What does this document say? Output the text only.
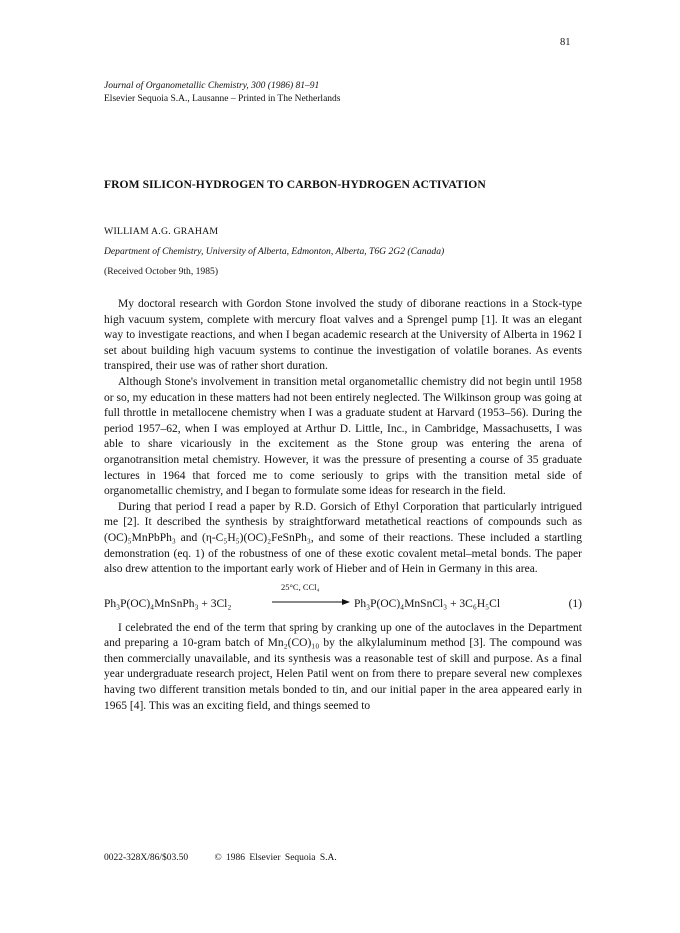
81
Journal of Organometallic Chemistry, 300 (1986) 81–91
Elsevier Sequoia S.A., Lausanne – Printed in The Netherlands
FROM SILICON-HYDROGEN TO CARBON-HYDROGEN ACTIVATION
WILLIAM A.G. GRAHAM
Department of Chemistry, University of Alberta, Edmonton, Alberta, T6G 2G2 (Canada)
(Received October 9th, 1985)

My doctoral research with Gordon Stone involved the study of diborane reactions in a Stock-type high vacuum system, complete with mercury float valves and a Sprengel pump [1]. It was an elegant way to investigate reactions, and when I began academic research at the University of Alberta in 1962 I set about building high vacuum systems to continue the investigation of volatile boranes. As events transpired, their use was of rather short duration.

Although Stone's involvement in transition metal organometallic chemistry did not begin until 1958 or so, my education in these matters had not been entirely neglected. The Wilkinson group was going at full throttle in metallocene chemistry when I was a graduate student at Harvard (1953–56). During the period 1957–62, when I was employed at Arthur D. Little, Inc., in Cambridge, Massachusetts, I was able to share vicariously in the excitement as the Stone group was entering the arena of organotransition metal chemistry. However, it was the pressure of presenting a course of 35 graduate lectures in 1964 that forced me to come seriously to grips with the transition metal side of organometallic chemistry, and I began to formulate some ideas for research in the field.

During that period I read a paper by R.D. Gorsich of Ethyl Corporation that particularly intrigued me [2]. It described the synthesis by straightforward metathetical reactions of compounds such as (OC)₅MnPbPh₃ and (η-C₅H₅)(OC)₂FeSnPh₃, and some of their reactions. These included a startling demonstration (eq. 1) of the robustness of one of these exotic covalent metal–metal bonds. The paper also drew attention to the important early work of Hieber and of Hein in Germany in this area.

Ph₃P(OC)₄MnSnPh₃ + 3Cl₂
25°C, CCl₄
Ph₃P(OC)₄MnSnCl₃ + 3C₆H₅Cl	(1)

I celebrated the end of the term that spring by cranking up one of the autoclaves in the Department and preparing a 10-gram batch of Mn₂(CO)₁₀ by the alkylaluminum method [3]. The compound was then commercially unavailable, and its synthesis was a reasonable test of skill and purpose. As a final year undergraduate research project, Helen Patil went on from there to prepare several new complexes having two different transition metals bonded to tin, and our initial paper in the area appeared early in 1965 [4]. This was an exciting field, and things seemed to

0022-328X/86/$03.50	© 1986 Elsevier Sequoia S.A.
